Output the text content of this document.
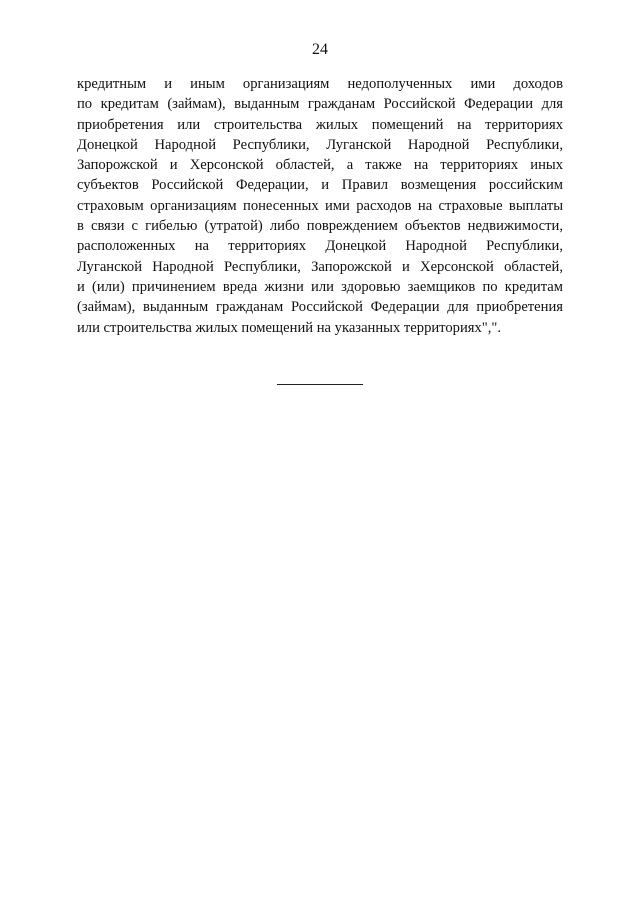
24
кредитным и иным организациям недополученных ими доходов
по кредитам (займам), выданным гражданам Российской Федерации для
приобретения или строительства жилых помещений на территориях
Донецкой Народной Республики, Луганской Народной Республики,
Запорожской и Херсонской областей, а также на территориях иных
субъектов Российской Федерации, и Правил возмещения российским
страховым организациям понесенных ими расходов на страховые выплаты
в связи с гибелью (утратой) либо повреждением объектов недвижимости,
расположенных на территориях Донецкой Народной Республики,
Луганской Народной Республики, Запорожской и Херсонской областей,
и (или) причинением вреда жизни или здоровью заемщиков по кредитам
(займам), выданным гражданам Российской Федерации для приобретения
или строительства жилых помещений на указанных территориях",".
